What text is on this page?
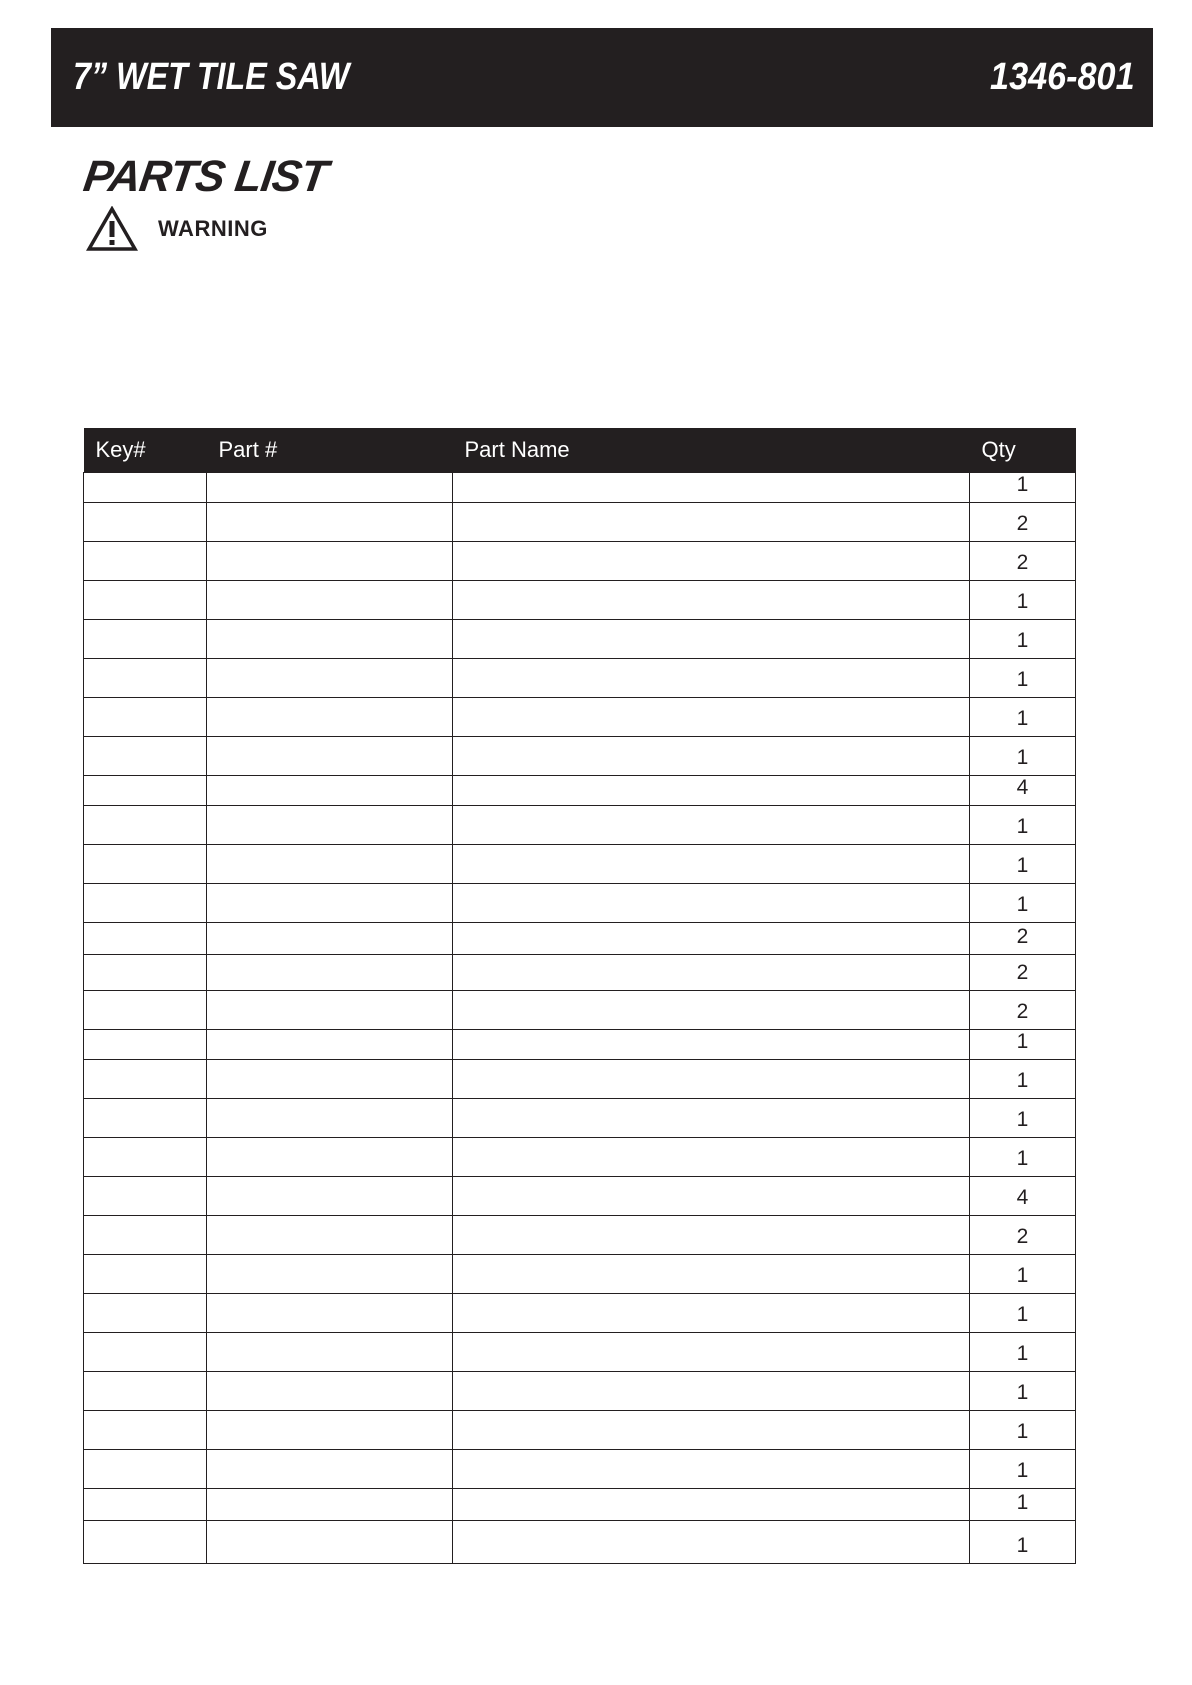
7” WET TILE SAW	1346-801
PARTS LIST
WARNING
Key#	Part #	Part Name	Qty
			1
			2
			2
			1
			1
			1
			1
			1
			4
			1
			1
			1
			2
			2
			2
			1
			1
			1
			1
			4
			2
			1
			1
			1
			1
			1
			1
			1
			1
